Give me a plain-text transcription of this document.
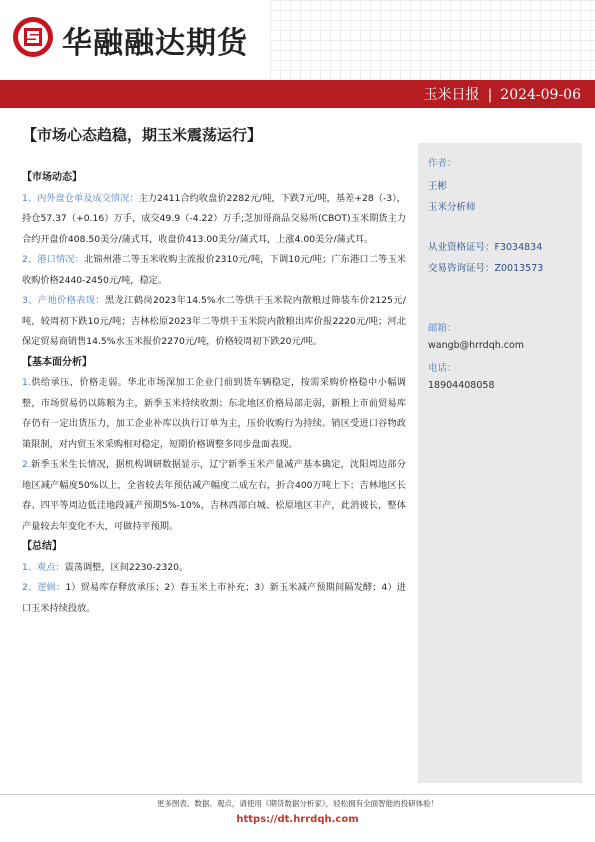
华融融达期货
玉米日报 | 2024-09-06
【市场心态趋稳，期玉米震荡运行】

【市场动态】

1、内外盘仓单及成交情况：主力2411合约收盘价2282元/吨，下跌7元/吨，基差+28（-3），持仓57.37（+0.16）万手，成交49.9（-4.22）万手;芝加哥商品交易所(CBOT)玉米期货主力合约开盘价408.50美分/蒲式耳，收盘价413.00美分/蒲式耳，上涨4.00美分/蒲式耳。

2、港口情况：北锦州港二等玉米收购主流报价2310元/吨，下调10元/吨；广东港口二等玉米收购价格2440-2450元/吨，稳定。

3、产地价格表现：黑龙江鹤岗2023年14.5%水二等烘干玉米院内散粮过筛装车价2125元/吨，较周初下跌10元/吨；吉林松原2023年二等烘干玉米院内散粮出库价报2220元/吨；河北保定贸易商销售14.5%水玉米报价2270元/吨，价格较周初下跌20元/吨。

【基本面分析】

1.供给承压，价格走弱。华北市场深加工企业门前到货车辆稳定，按需采购价格稳中小幅调整，市场贸易仍以陈粮为主，新季玉米持续收割；东北地区价格局部走弱，新粮上市前贸易库存仍有一定出货压力，加工企业补库以执行订单为主，压价收购行为持续。销区受进口谷物政策限制，对内贸玉米采购相对稳定，短期价格调整多同步盘面表现。

2.新季玉米生长情况，据机构调研数据显示，辽宁新季玉米产量减产基本确定，沈阳周边部分地区减产幅度50%以上，全省较去年预估减产幅度二成左右，折合400万吨上下；吉林地区长春、四平等周边低洼地段减产预期5%-10%，吉林西部白城、松原地区丰产，此消彼长，整体产量较去年变化不大，可做持平预期。

【总结】

1、观点：震荡调整，区间2230-2320。

2、逻辑：1）贸易库存释放承压；2）春玉米上市补充；3）新玉米减产预期间隔发酵；4）进口玉米持续投放。

作者：
王彬
玉米分析师
从业资格证号：F3034834
交易咨询证号：Z0013573
邮箱：
wangb@hrrdqh.com
电话：
18904408058
更多图表、数据、观点，请使用《期货数据分析家》，轻松拥有全面智能的投研体验！
https://dt.hrrdqh.com
